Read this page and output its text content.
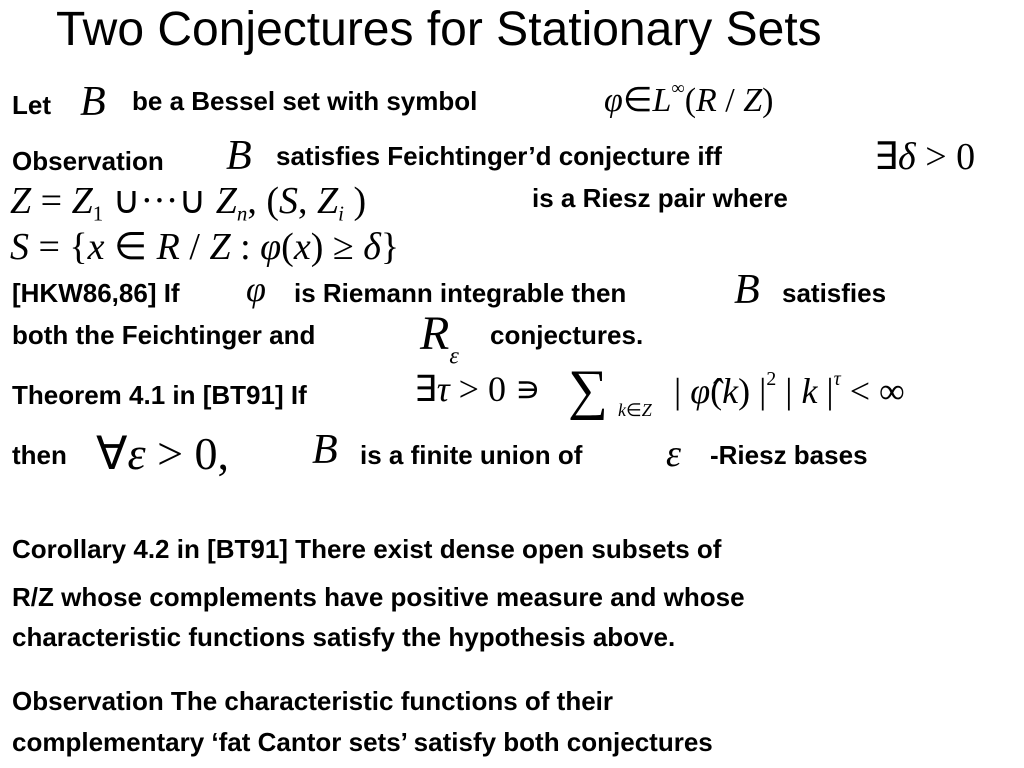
Two Conjectures for Stationary Sets
Let B be a Bessel set with symbol	φ∈L∞(R / Z)
Observation B satisfies Feichtinger’d conjecture iff	∃δ > 0
$Z = Z_1$ ∪···∪ $Z_n$, (S, $Z_i$ )	is a Riesz pair where
S = {x ∈ R / Z : φ(x) ≥ δ}
[HKW86,86] If φ is Riemann integrable then	B satisfies
both the Feichtinger and $R_\varepsilon$
conjectures.
Theorem 4.1 in [BT91] If	∃τ > 0 ∍ ∑ k∈Z | φ̂(k) $|^2$ | k $|^\tau$ < ∞
then ∀ε > 0, B is a finite union of ε -Riesz bases
Corollary 4.2 in [BT91] There exist dense open subsets of
R/Z whose complements have positive measure and whose
characteristic functions satisfy the hypothesis above.
Observation The characteristic functions of their
complementary ‘fat Cantor sets’ satisfy both conjectures
